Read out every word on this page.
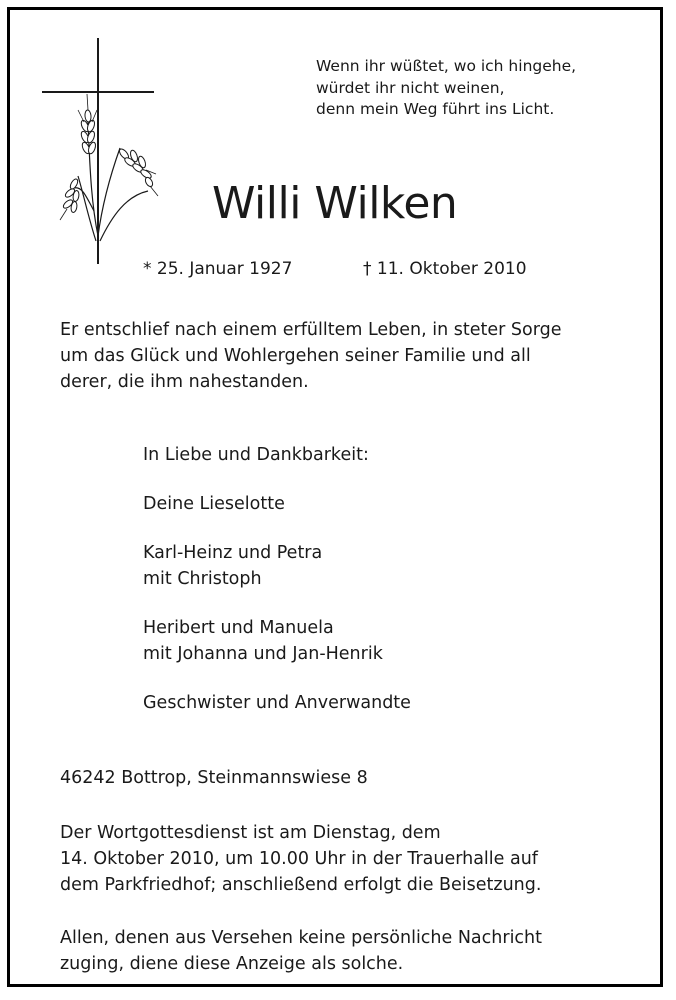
Wenn ihr wüßtet, wo ich hingehe,
würdet ihr nicht weinen,
denn mein Weg führt ins Licht.
Willi Wilken
* 25. Januar 1927	† 11. Oktober 2010
Er entschlief nach einem erfülltem Leben, in steter Sorge
um das Glück und Wohlergehen seiner Familie und all
derer, die ihm nahestanden.
In Liebe und Dankbarkeit:
Deine Lieselotte
Karl-Heinz und Petra
mit Christoph
Heribert und Manuela
mit Johanna und Jan-Henrik
Geschwister und Anverwandte
46242 Bottrop, Steinmannswiese 8
Der Wortgottesdienst ist am Dienstag, dem
14. Oktober 2010, um 10.00 Uhr in der Trauerhalle auf
dem Parkfriedhof; anschließend erfolgt die Beisetzung.
Allen, denen aus Versehen keine persönliche Nachricht
zuging, diene diese Anzeige als solche.
